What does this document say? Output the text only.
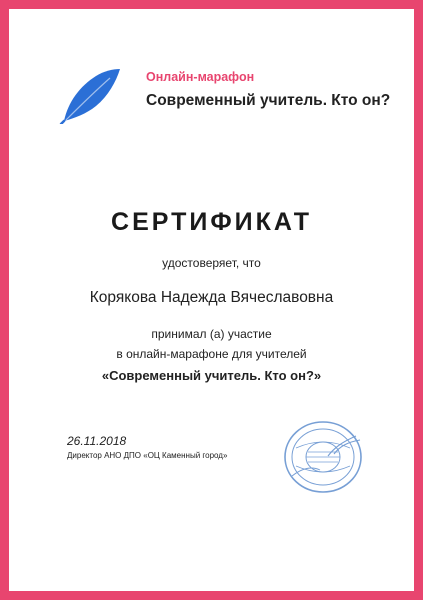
Онлайн-марафон
Современный учитель. Кто он?
СЕРТИФИКАТ
удостоверяет, что
Корякова Надежда Вячеславовна
принимал (а) участие
в онлайн-марафоне для учителей
«Современный учитель. Кто он?»
26.11.2018
Директор АНО ДПО «ОЦ Каменный город»
